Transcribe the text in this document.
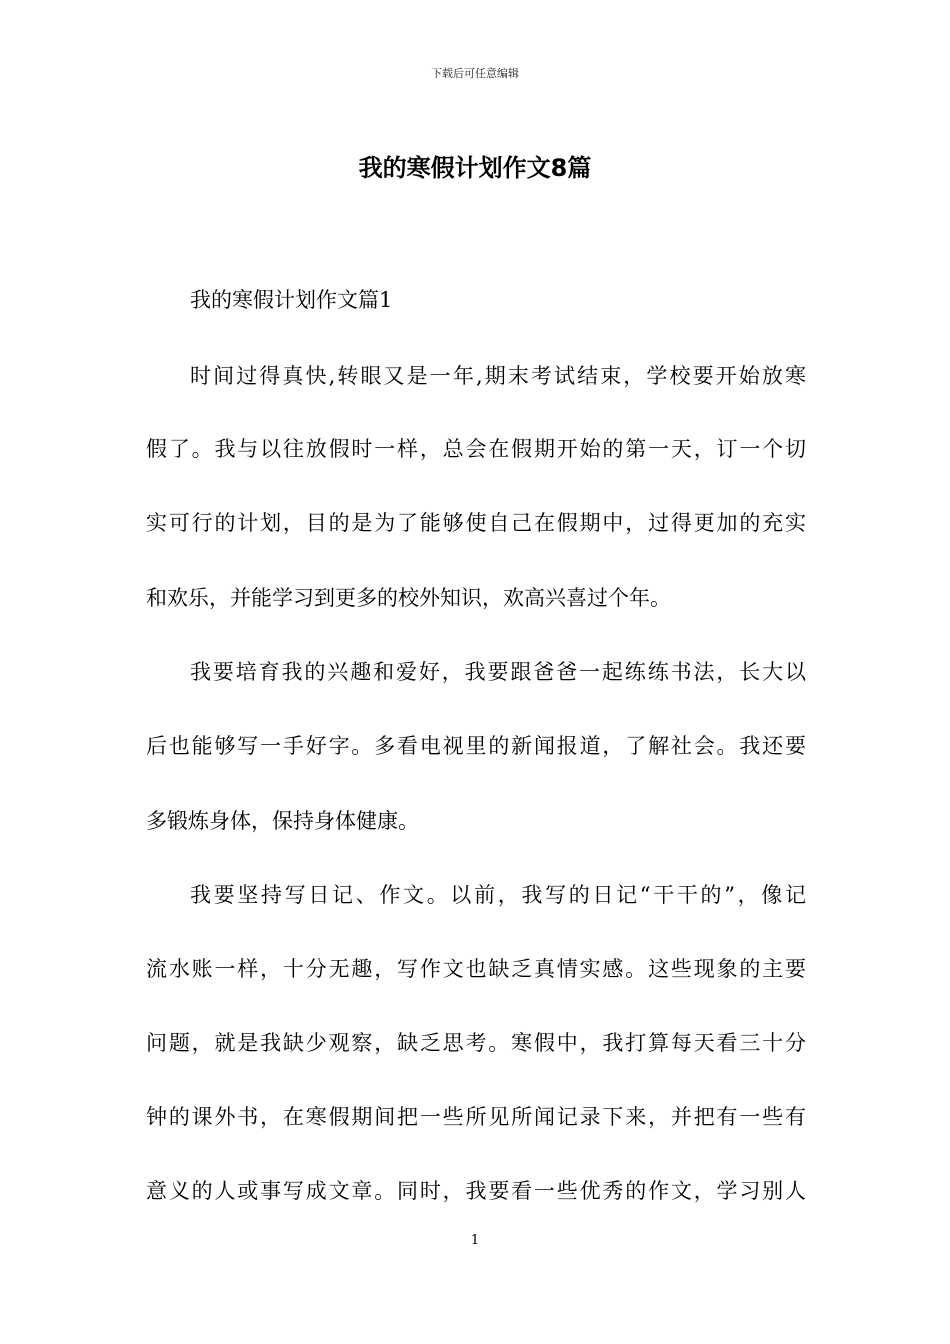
下载后可任意编辑
我的寒假计划作文8篇
我的寒假计划作文篇1
时间过得真快,转眼又是一年,期末考试结束，学校要开始放寒
假了。我与以往放假时一样，总会在假期开始的第一天，订一个切
实可行的计划，目的是为了能够使自己在假期中，过得更加的充实
和欢乐，并能学习到更多的校外知识，欢高兴喜过个年。
我要培育我的兴趣和爱好，我要跟爸爸一起练练书法，长大以
后也能够写一手好字。多看电视里的新闻报道，了解社会。我还要
多锻炼身体，保持身体健康。
我要坚持写日记、作文。以前，我写的日记“干干的”，像记
流水账一样，十分无趣，写作文也缺乏真情实感。这些现象的主要
问题，就是我缺少观察，缺乏思考。寒假中，我打算每天看三十分
钟的课外书，在寒假期间把一些所见所闻记录下来，并把有一些有
意义的人或事写成文章。同时，我要看一些优秀的作文，学习别人
1
